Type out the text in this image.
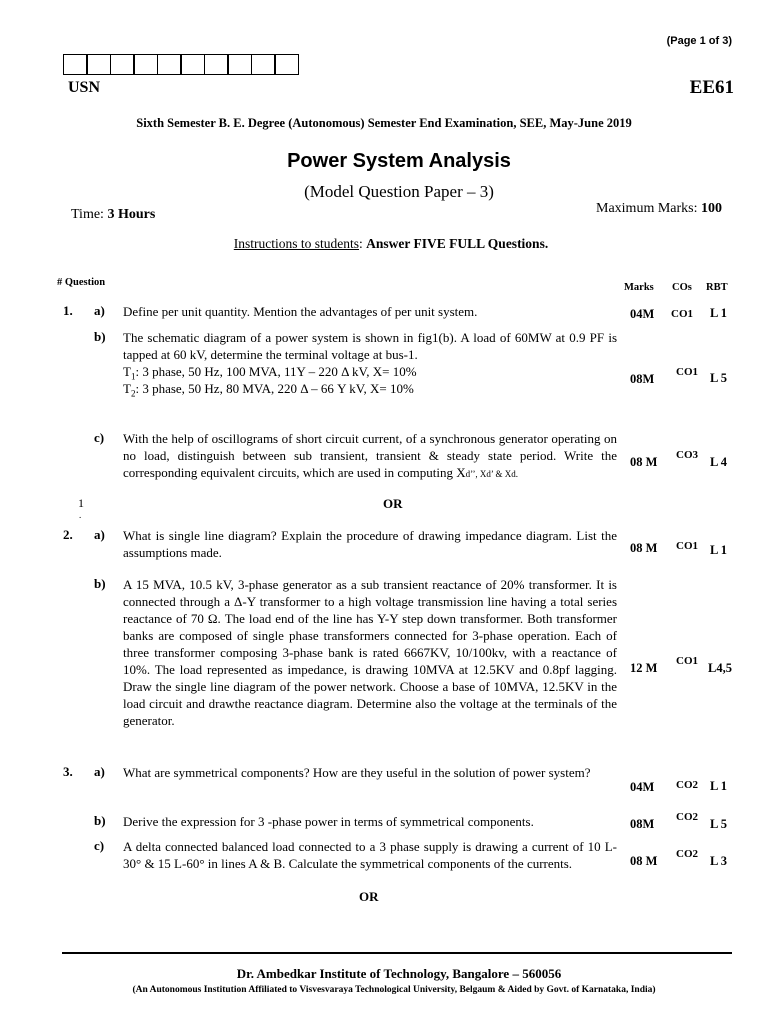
(Page 1 of 3)
USN	EE61
Sixth Semester B. E. Degree (Autonomous) Semester End Examination, SEE, May-June 2019
Power System Analysis
(Model Question Paper – 3)
Time: 3 Hours	Maximum Marks: 100
Instructions to students: Answer FIVE FULL Questions.
# Question	Marks COs RBT
1. a) Define per unit quantity. Mention the advantages of per unit system.	04M CO1 L 1
b) The schematic diagram of a power system is shown in fig1(b). A load of 60MW at 0.9 PF is tapped at 60 kV, determine the terminal voltage at bus-1.
$T_1$: 3 phase, 50 Hz, 100 MVA, 11Y – 220 Δ kV, X= 10%
$T_2$: 3 phase, 50 Hz, 80 MVA, 220 Δ – 66 Y kV, X= 10%
08M CO1 L 5
c) With the help of oscillograms of short circuit current, of a synchronous generator operating on no load, distinguish between sub transient, transient & steady state period. Write the corresponding equivalent circuits, which are used in computing Xd’’, Xd’ & Xd.
08 M CO3 L 4
1
.
OR
2. a) What is single line diagram? Explain the procedure of drawing impedance diagram. List the assumptions made.	08 M CO1 L 1
b) A 15 MVA, 10.5 kV, 3-phase generator as a sub transient reactance of 20% transformer. It is connected through a Δ-Y transformer to a high voltage transmission line having a total series reactance of 70 Ω. The load end of the line has Y-Y step down transformer. Both transformer banks are composed of single phase transformers connected for 3-phase operation. Each of three transformer composing 3-phase bank is rated 6667KV, 10/100kv, with a reactance of 10%. The load represented as impedance, is drawing 10MVA at 12.5KV and 0.8pf lagging. Draw the single line diagram of the power network. Choose a base of 10MVA, 12.5KV in the load circuit and drawthe reactance diagram. Determine also the voltage at the terminals of the generator.
12 M CO1 L4,5
3. a) What are symmetrical components? How are they useful in the solution of power system?
04M CO2 L 1
b) Derive the expression for 3 -phase power in terms of symmetrical components.	08M CO2 L 5
c) A delta connected balanced load connected to a 3 phase supply is drawing a current of 10 L-30° & 15 L-60° in lines A & B. Calculate the symmetrical components of the currents.	08 M CO2 L 3
OR
Dr. Ambedkar Institute of Technology, Bangalore – 560056
(An Autonomous Institution Affiliated to Visvesvaraya Technological University, Belgaum & Aided by Govt. of Karnataka, India)
